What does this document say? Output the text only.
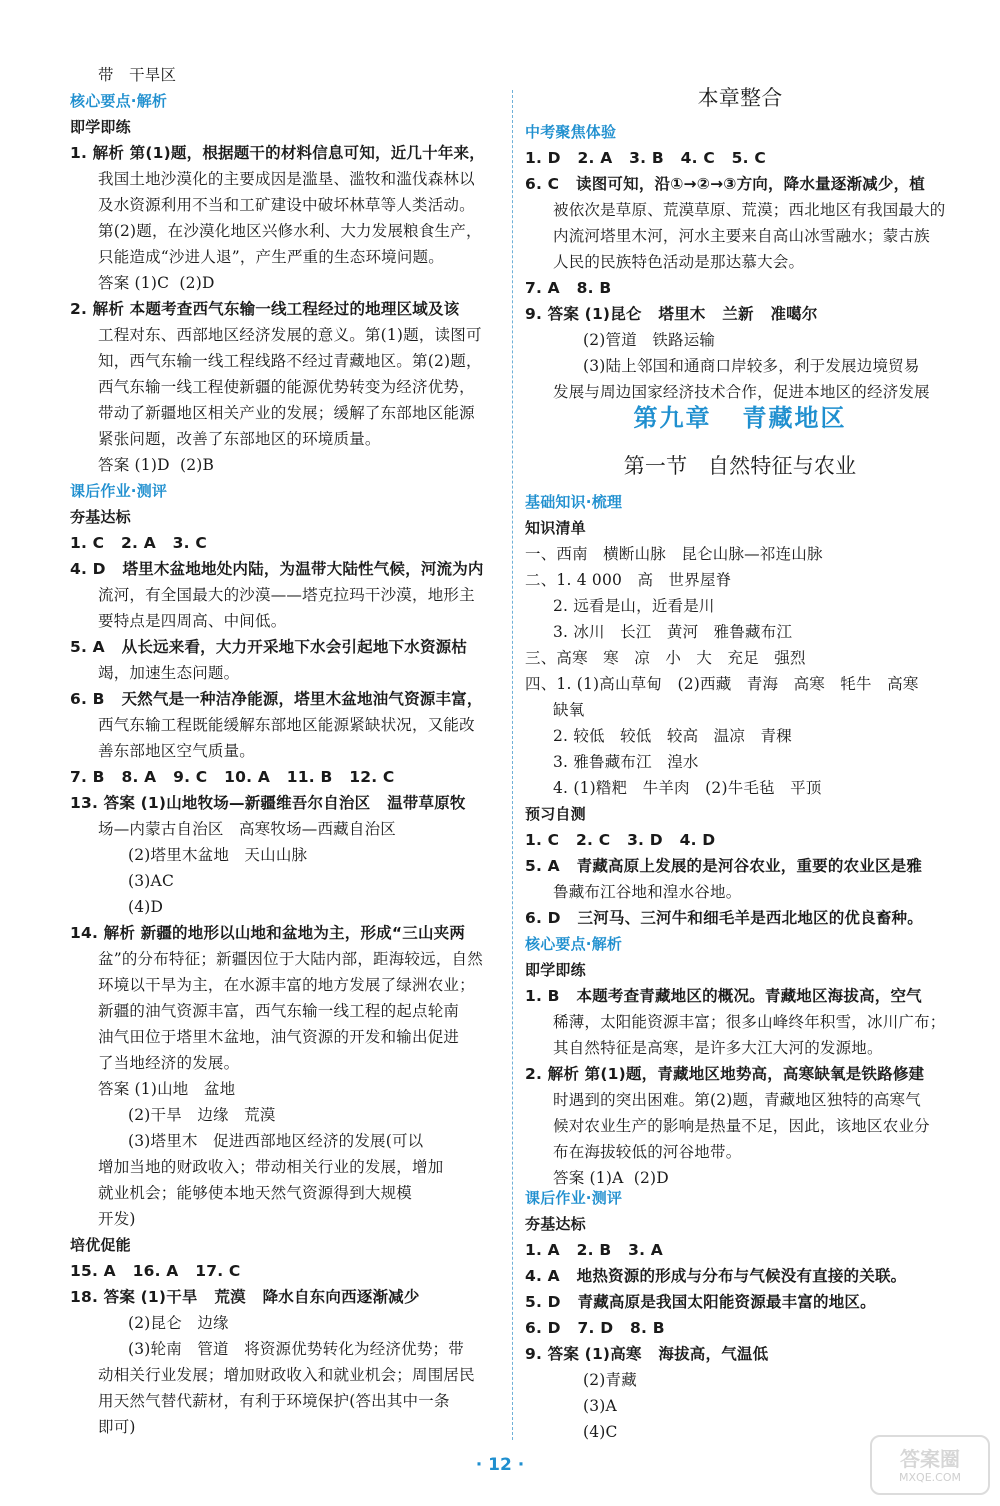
带   干旱区
核心要点·解析
即学即练
1. 解析 第(1)题，根据题干的材料信息可知，近几十年来，
我国土地沙漠化的主要成因是滥垦、滥牧和滥伐森林以
及水资源利用不当和工矿建设中破坏林草等人类活动。
第(2)题，在沙漠化地区兴修水利、大力发展粮食生产，
只能造成“沙进人退”，产生严重的生态环境问题。
答案 (1)C  (2)D
2. 解析 本题考查西气东输一线工程经过的地理区域及该
工程对东、西部地区经济发展的意义。第(1)题，读图可
知，西气东输一线工程线路不经过青藏地区。第(2)题，
西气东输一线工程使新疆的能源优势转变为经济优势，
带动了新疆地区相关产业的发展；缓解了东部地区能源
紧张问题，改善了东部地区的环境质量。
答案 (1)D  (2)B
课后作业·测评
夯基达标
1. C   2. A   3. C
4. D   塔里木盆地地处内陆，为温带大陆性气候，河流为内
流河，有全国最大的沙漠——塔克拉玛干沙漠，地形主
要特点是四周高、中间低。
5. A   从长远来看，大力开采地下水会引起地下水资源枯
竭，加速生态问题。
6. B   天然气是一种洁净能源，塔里木盆地油气资源丰富，
西气东输工程既能缓解东部地区能源紧缺状况，又能改
善东部地区空气质量。
7. B   8. A   9. C   10. A   11. B   12. C
13. 答案 (1)山地牧场—新疆维吾尔自治区   温带草原牧
场—内蒙古自治区   高寒牧场—西藏自治区
(2)塔里木盆地   天山山脉
(3)AC
(4)D
14. 解析 新疆的地形以山地和盆地为主，形成“三山夹两
盆”的分布特征；新疆因位于大陆内部，距海较远，自然
环境以干旱为主，在水源丰富的地方发展了绿洲农业；
新疆的油气资源丰富，西气东输一线工程的起点轮南
油气田位于塔里木盆地，油气资源的开发和输出促进
了当地经济的发展。
答案 (1)山地   盆地
(2)干旱   边缘   荒漠
(3)塔里木   促进西部地区经济的发展(可以
增加当地的财政收入；带动相关行业的发展，增加
就业机会；能够使本地天然气资源得到大规模
开发)
培优促能
15. A   16. A   17. C
18. 答案 (1)干旱   荒漠   降水自东向西逐渐减少
(2)昆仑   边缘
(3)轮南   管道   将资源优势转化为经济优势；带
动相关行业发展；增加财政收入和就业机会；周围居民
用天然气替代薪材，有利于环境保护(答出其中一条
即可)
本章整合
中考聚焦体验
1. D   2. A   3. B   4. C   5. C
6. C   读图可知，沿①→②→③方向，降水量逐渐减少，植
被依次是草原、荒漠草原、荒漠；西北地区有我国最大的
内流河塔里木河，河水主要来自高山冰雪融水；蒙古族
人民的民族特色活动是那达慕大会。
7. A   8. B
9. 答案 (1)昆仑   塔里木   兰新   准噶尔
(2)管道   铁路运输
(3)陆上邻国和通商口岸较多，利于发展边境贸易
发展与周边国家经济技术合作，促进本地区的经济发展
第九章   青藏地区
第一节   自然特征与农业
基础知识·梳理
知识清单
一、西南   横断山脉   昆仑山脉—祁连山脉
二、1. 4 000   高   世界屋脊
2. 远看是山，近看是川
3. 冰川   长江   黄河   雅鲁藏布江
三、高寒   寒   凉   小   大   充足   强烈
四、1. (1)高山草甸   (2)西藏   青海   高寒   牦牛   高寒
缺氧
2. 较低   较低   较高   温凉   青稞
3. 雅鲁藏布江   湟水
4. (1)糌粑   牛羊肉   (2)牛毛毡   平顶
预习自测
1. C   2. C   3. D   4. D
5. A   青藏高原上发展的是河谷农业，重要的农业区是雅
鲁藏布江谷地和湟水谷地。
6. D   三河马、三河牛和细毛羊是西北地区的优良畜种。
核心要点·解析
即学即练
1. B   本题考查青藏地区的概况。青藏地区海拔高，空气
稀薄，太阳能资源丰富；很多山峰终年积雪，冰川广布；
其自然特征是高寒，是许多大江大河的发源地。
2. 解析 第(1)题，青藏地区地势高，高寒缺氧是铁路修建
时遇到的突出困难。第(2)题，青藏地区独特的高寒气
候对农业生产的影响是热量不足，因此，该地区农业分
布在海拔较低的河谷地带。
答案 (1)A  (2)D
课后作业·测评
夯基达标
1. A   2. B   3. A
4. A   地热资源的形成与分布与气候没有直接的关联。
5. D   青藏高原是我国太阳能资源最丰富的地区。
6. D   7. D   8. B
9. 答案 (1)高寒   海拔高，气温低
(2)青藏
(3)A
(4)C
· 12 ·	答案圈
MXQE.COM
